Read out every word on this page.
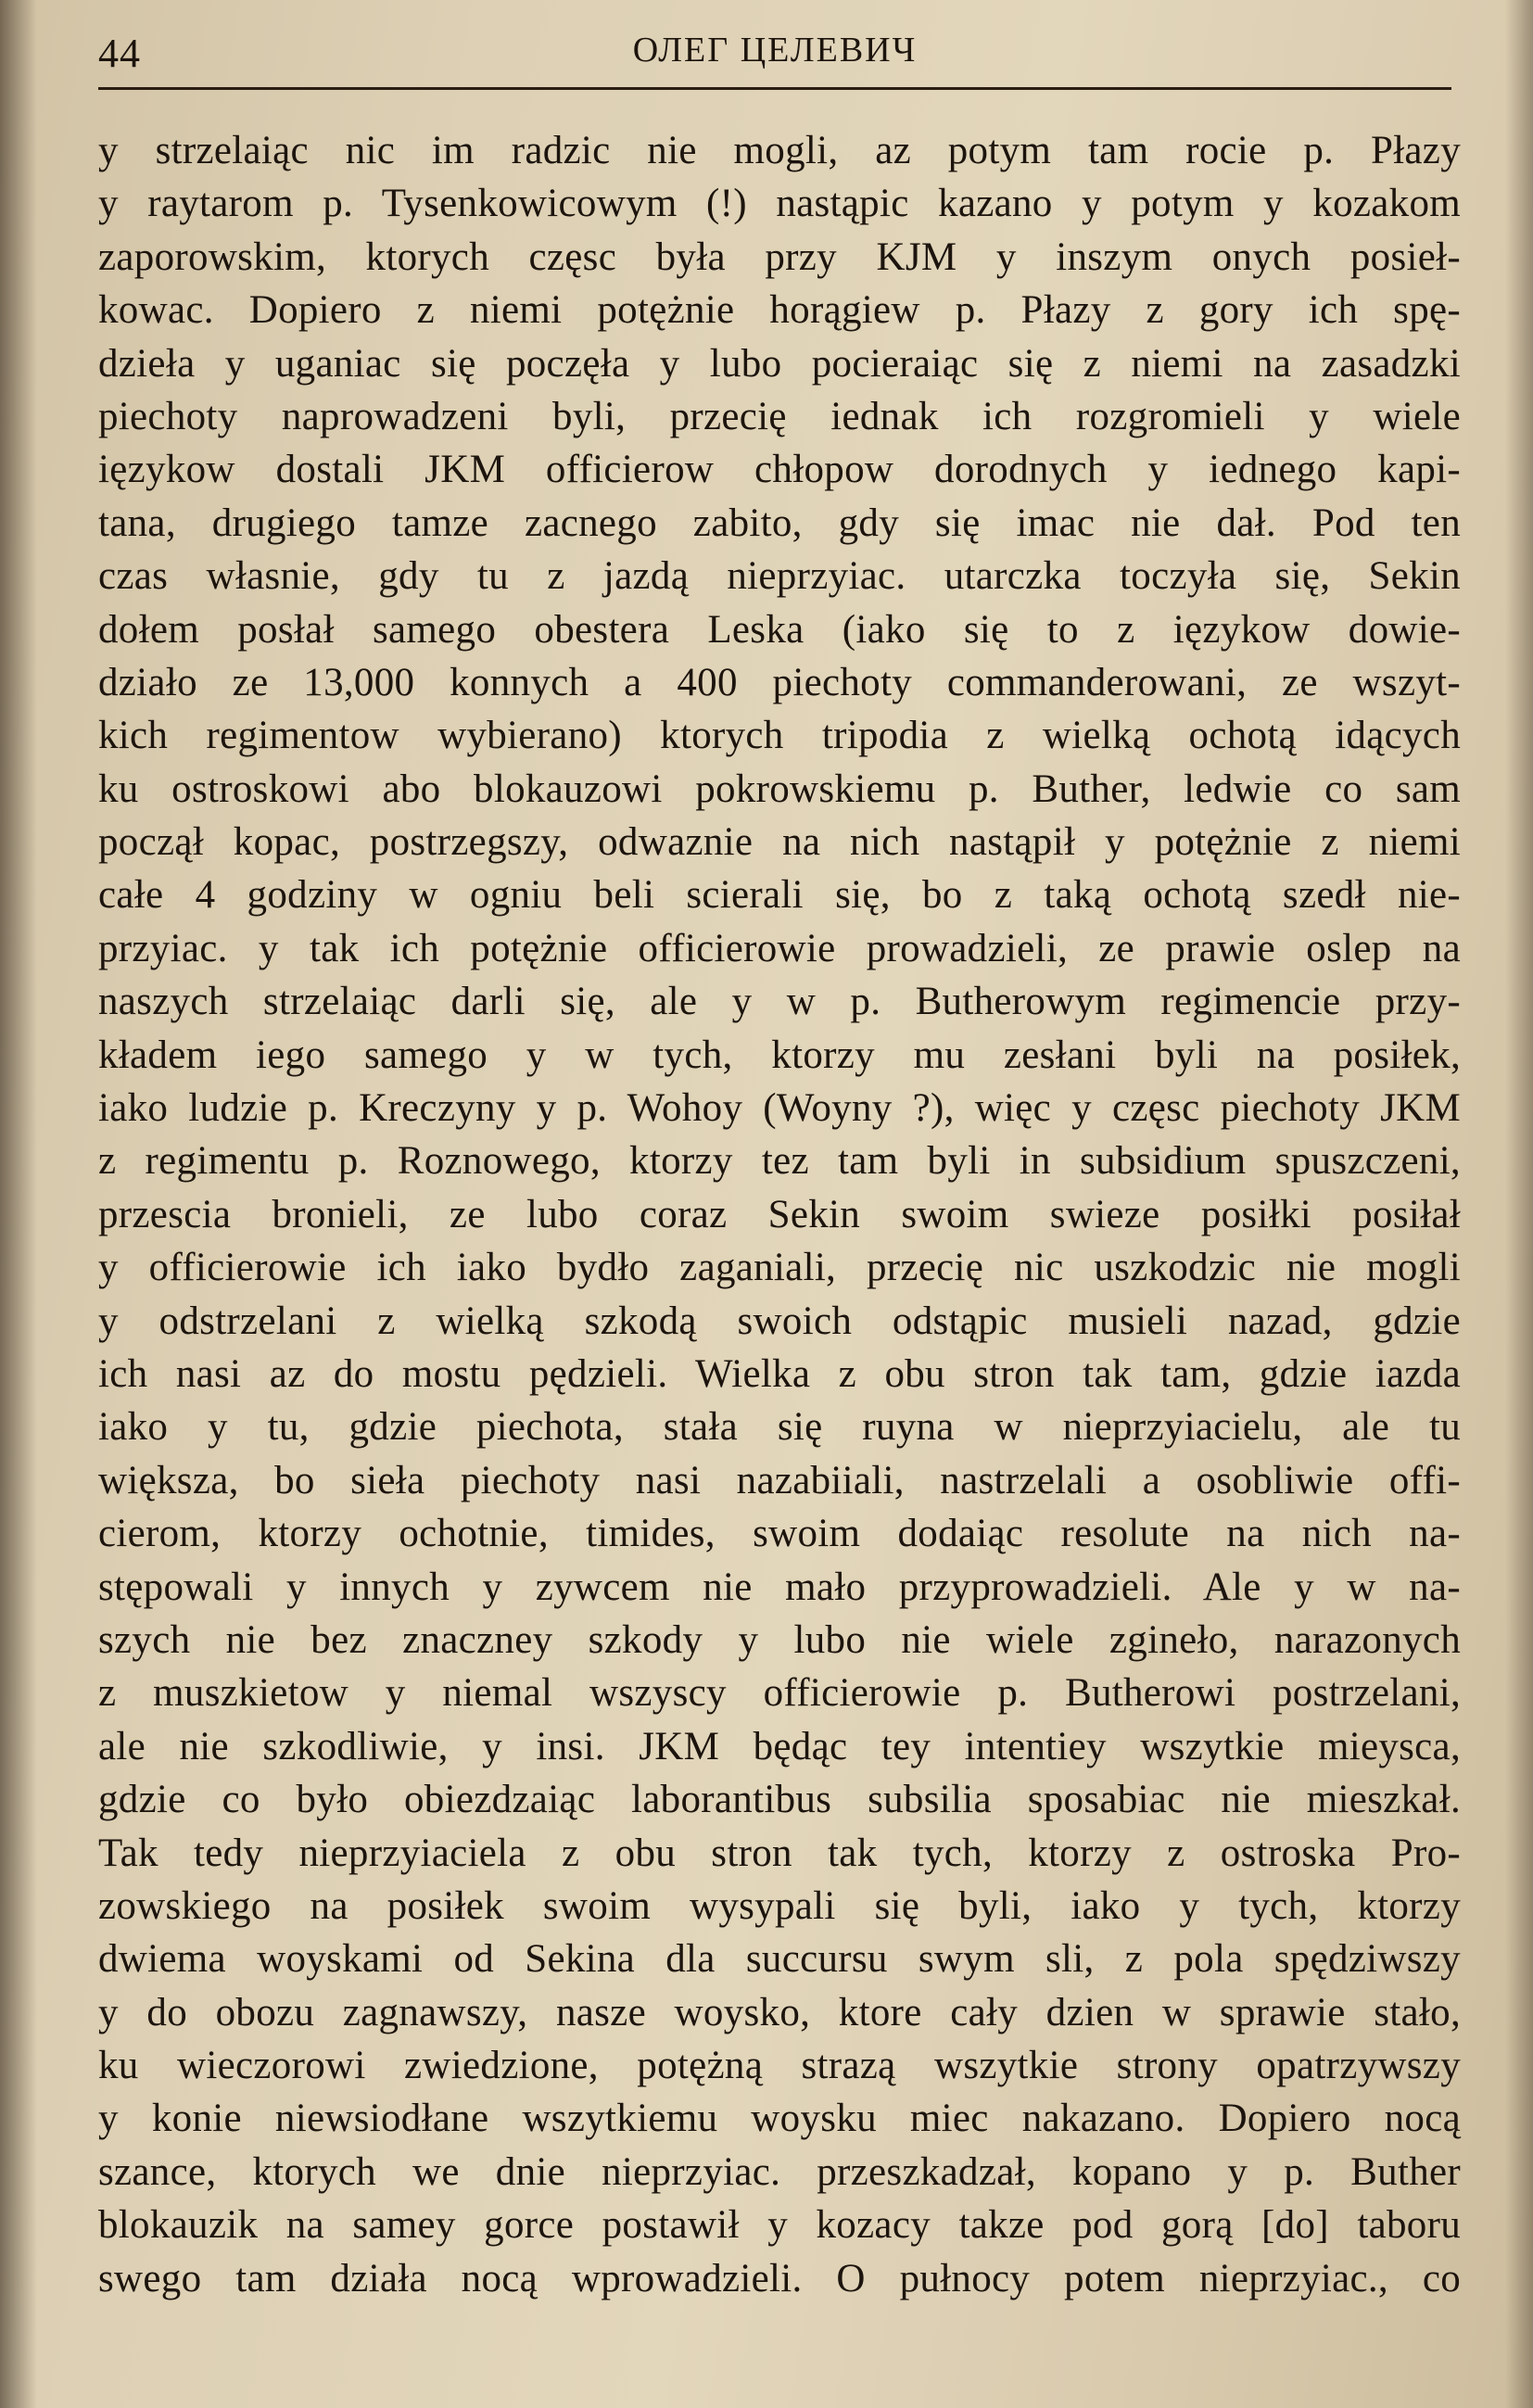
44	ОЛЕГ ЦЕЛЕВИЧ
y strzelaiąc nic im radzic nie mogli, az potym tam rocie p. Płazy
y raytarom p. Tysenkowicowym (!) nastąpic kazano y potym y kozakom
zaporowskim, ktorych częsc była przy KJM y inszym onych posieł-
kowac. Dopiero z niemi potężnie horągiew p. Płazy z gory ich spę-
dzieła y uganiac się poczęła y lubo pocieraiąc się z niemi na zasadzki
piechoty naprowadzeni byli, przecię iednak ich rozgromieli y wiele
ięzykow dostali JKM officierow chłopow dorodnych y iednego kapi-
tana, drugiego tamze zacnego zabito, gdy się imac nie dał. Pod ten
czas własnie, gdy tu z jazdą nieprzyiac. utarczka toczyła się, Sekin
dołem posłał samego obestera Leska (iako się to z ięzykow dowie-
działo ze 13,000 konnych a 400 piechoty commanderowani, ze wszyt-
kich regimentow wybierano) ktorych tripodia z wielką ochotą idących
ku ostroskowi abo blokauzowi pokrowskiemu p. Buther, ledwie co sam
począł kopac, postrzegszy, odwaznie na nich nastąpił y potężnie z niemi
całe 4 godziny w ogniu beli scierali się, bo z taką ochotą szedł nie-
przyiac. y tak ich potężnie officierowie prowadzieli, ze prawie oslep na
naszych strzelaiąc darli się, ale y w p. Butherowym regimencie przy-
kładem iego samego y w tych, ktorzy mu zesłani byli na posiłek,
iako ludzie p. Kreczyny y p. Wohoy (Woyny ?), więc y częsc piechoty JKM
z regimentu p. Roznowego, ktorzy tez tam byli in subsidium spuszczeni,
przescia bronieli, ze lubo coraz Sekin swoim swieze posiłki posiłał
y officierowie ich iako bydło zaganiali, przecię nic uszkodzic nie mogli
y odstrzelani z wielką szkodą swoich odstąpic musieli nazad, gdzie
ich nasi az do mostu pędzieli. Wielka z obu stron tak tam, gdzie iazda
iako y tu, gdzie piechota, stała się ruyna w nieprzyiacielu, ale tu
większa, bo sieła piechoty nasi nazabiiali, nastrzelali a osobliwie offi-
cierom, ktorzy ochotnie, timides, swoim dodaiąc resolute na nich na-
stępowali y innych y zywcem nie mało przyprowadzieli. Ale y w na-
szych nie bez znaczney szkody y lubo nie wiele zgineło, narazonych
z muszkietow y niemal wszyscy officierowie p. Butherowi postrzelani,
ale nie szkodliwie, y insi. JKM będąc tey intentiey wszytkie mieysca,
gdzie co było obiezdzaiąc laborantibus subsilia sposabiac nie mieszkał.
Tak tedy nieprzyiaciela z obu stron tak tych, ktorzy z ostroska Pro-
zowskiego na posiłek swoim wysypali się byli, iako y tych, ktorzy
dwiema woyskami od Sekina dla succursu swym sli, z pola spędziwszy
y do obozu zagnawszy, nasze woysko, ktore cały dzien w sprawie stało,
ku wieczorowi zwiedzione, potężną strazą wszytkie strony opatrzywszy
y konie niewsiodłane wszytkiemu woysku miec nakazano. Dopiero nocą
szance, ktorych we dnie nieprzyiac. przeszkadzał, kopano y p. Buther
blokauzik na samey gorce postawił y kozacy takze pod gorą [do] taboru
swego tam działa nocą wprowadzieli. O pułnocy potem nieprzyiac., co
